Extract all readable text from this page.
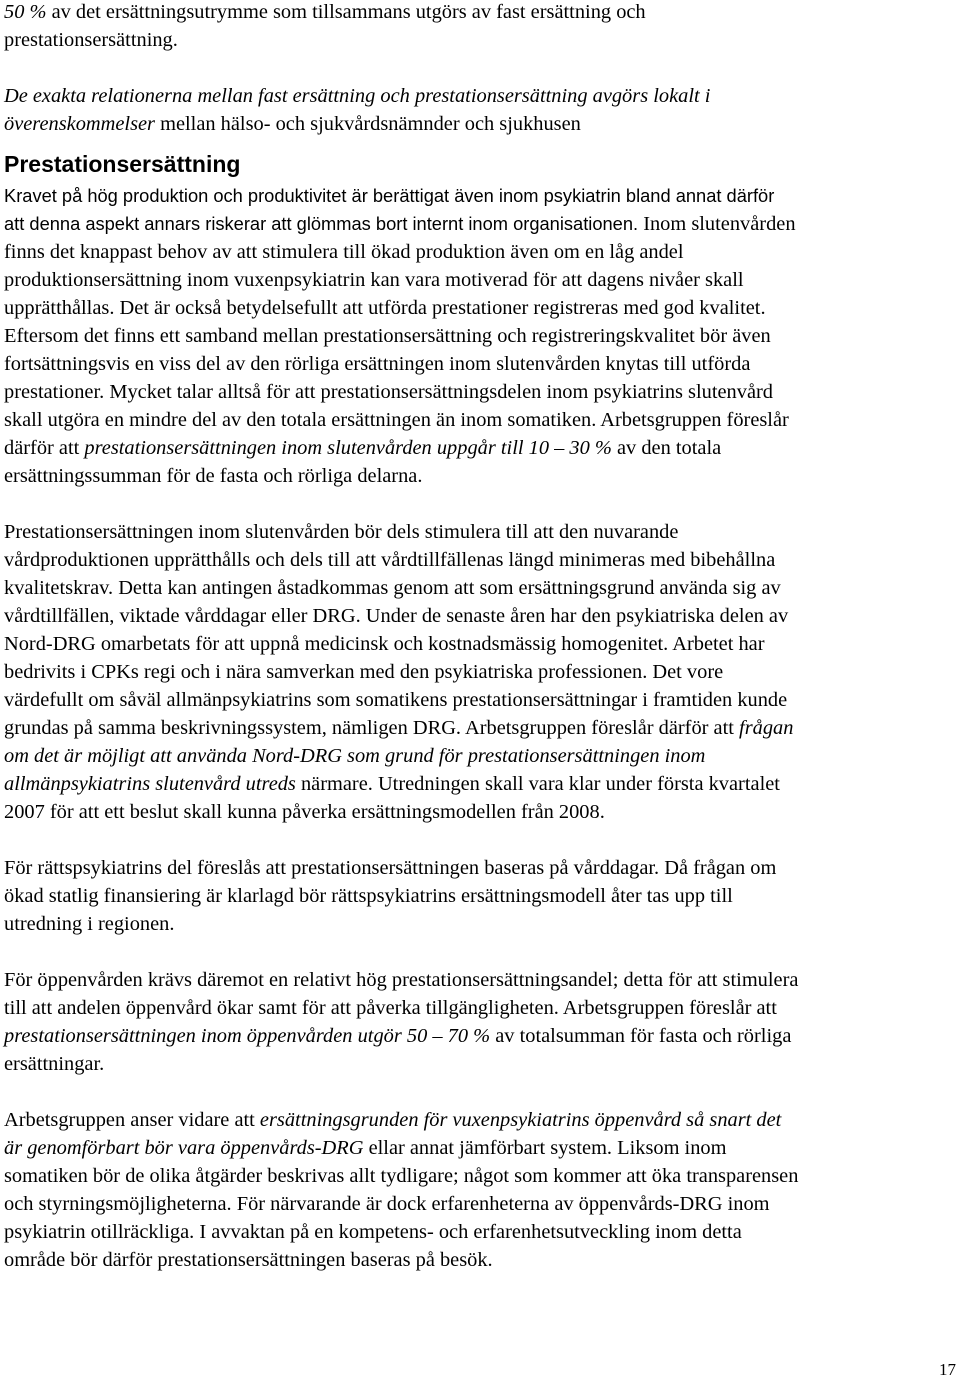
50 % av det ersättningsutrymme som tillsammans utgörs av fast ersättning och
prestationsersättning.
De exakta relationerna mellan fast ersättning och prestationsersättning avgörs lokalt i
överenskommelser mellan hälso- och sjukvårdsnämnder och sjukhusen
Prestationsersättning
Kravet på hög produktion och produktivitet är berättigat även inom psykiatrin bland annat därför
att denna aspekt annars riskerar att glömmas bort internt inom organisationen. Inom slutenvården
finns det knappast behov av att stimulera till ökad produktion även om en låg andel
produktionsersättning inom vuxenpsykiatrin kan vara motiverad för att dagens nivåer skall
upprätthållas. Det är också betydelsefullt att utförda prestationer registreras med god kvalitet.
Eftersom det finns ett samband mellan prestationsersättning och registreringskvalitet bör även
fortsättningsvis en viss del av den rörliga ersättningen inom slutenvården knytas till utförda
prestationer. Mycket talar alltså för att prestationsersättningsdelen inom psykiatrins slutenvård
skall utgöra en mindre del av den totala ersättningen än inom somatiken. Arbetsgruppen föreslår
därför att prestationsersättningen inom slutenvården uppgår till 10 – 30 % av den totala
ersättningssumman för de fasta och rörliga delarna.
Prestationsersättningen inom slutenvården bör dels stimulera till att den nuvarande
vårdproduktionen upprätthålls och dels till att vårdtillfällenas längd minimeras med bibehållna
kvalitetskrav. Detta kan antingen åstadkommas genom att som ersättningsgrund använda sig av
vårdtillfällen, viktade vårddagar eller DRG. Under de senaste åren har den psykiatriska delen av
Nord-DRG omarbetats för att uppnå medicinsk och kostnadsmässig homogenitet. Arbetet har
bedrivits i CPKs regi och i nära samverkan med den psykiatriska professionen. Det vore
värdefullt om såväl allmänpsykiatrins som somatikens prestationsersättningar i framtiden kunde
grundas på samma beskrivningssystem, nämligen DRG. Arbetsgruppen föreslår därför att frågan
om det är möjligt att använda Nord-DRG som grund för prestationsersättningen inom
allmänpsykiatrins slutenvård utreds närmare. Utredningen skall vara klar under första kvartalet
2007 för att ett beslut skall kunna påverka ersättningsmodellen från 2008.
För rättspsykiatrins del föreslås att prestationsersättningen baseras på vårddagar. Då frågan om
ökad statlig finansiering är klarlagd bör rättspsykiatrins ersättningsmodell åter tas upp till
utredning i regionen.
För öppenvården krävs däremot en relativt hög prestationsersättningsandel; detta för att stimulera
till att andelen öppenvård ökar samt för att påverka tillgängligheten. Arbetsgruppen föreslår att
prestationsersättningen inom öppenvården utgör 50 – 70 % av totalsumman för fasta och rörliga
ersättningar.
Arbetsgruppen anser vidare att ersättningsgrunden för vuxenpsykiatrins öppenvård så snart det
är genomförbart bör vara öppenvårds-DRG ellar annat jämförbart system. Liksom inom
somatiken bör de olika åtgärder beskrivas allt tydligare; något som kommer att öka transparensen
och styrningsmöjligheterna. För närvarande är dock erfarenheterna av öppenvårds-DRG inom
psykiatrin otillräckliga. I avvaktan på en kompetens- och erfarenhetsutveckling inom detta
område bör därför prestationsersättningen baseras på besök.
17
